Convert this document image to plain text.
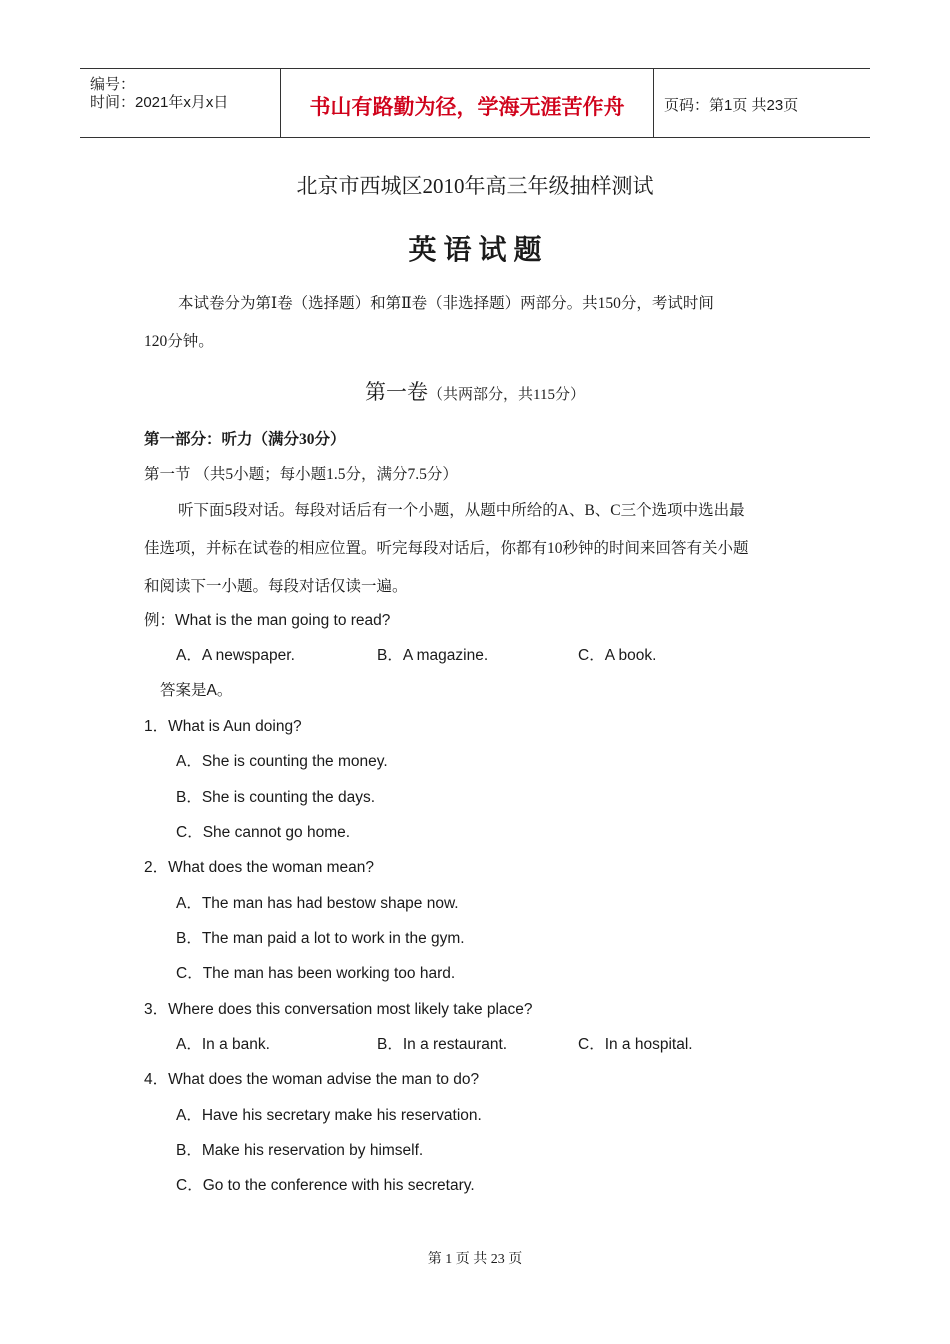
编号：
时间：2021年x月x日	书山有路勤为径，学海无涯苦作舟	页码：第1页 共23页
北京市西城区2010年高三年级抽样测试
英 语 试 题
本试卷分为第Ⅰ卷（选择题）和第Ⅱ卷（非选择题）两部分。共150分，考试时间
120分钟。
第一卷（共两部分，共115分）
第一部分：听力（满分30分）
第一节 （共5小题；每小题1.5分，满分7.5分）
听下面5段对话。每段对话后有一个小题，从题中所给的A、B、C三个选项中选出最
佳选项，并标在试卷的相应位置。听完每段对话后，你都有10秒钟的时间来回答有关小题
和阅读下一小题。每段对话仅读一遍。
例：What is the man going to read?
A．A newspaper.	B．A magazine.	C．A book.
答案是A。
1．What is Aun doing?
A．She is counting the money.
B．She is counting the days.
C．She cannot go home.
2．What does the woman mean?
A．The man has had bestow shape now.
B．The man paid a lot to work in the gym.
C．The man has been working too hard.
3．Where does this conversation most likely take place?
A．In a bank.	B．In a restaurant.	C．In a hospital.
4．What does the woman advise the man to do?
A．Have his secretary make his reservation.
B．Make his reservation by himself.
C．Go to the conference with his secretary.
第 1 页 共 23 页
